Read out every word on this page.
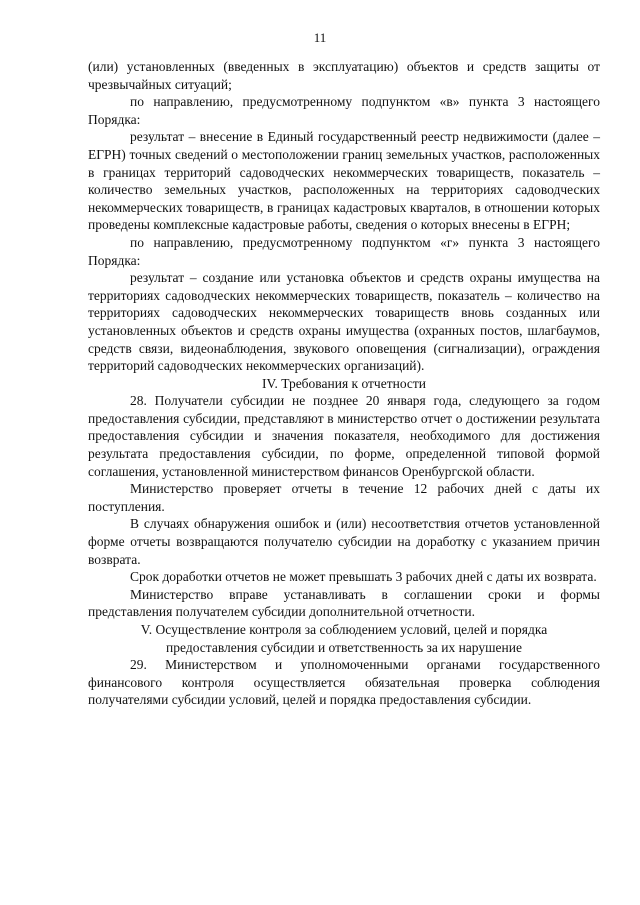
11

(или) установленных (введенных в эксплуатацию) объектов и средств защиты от чрезвычайных ситуаций;

по направлению, предусмотренному подпунктом «в» пункта 3 настоящего Порядка:

результат – внесение в Единый государственный реестр недвижимости (далее – ЕГРН) точных сведений о местоположении границ земельных участков, расположенных в границах территорий садоводческих некоммерческих товариществ, показатель – количество земельных участков, расположенных на территориях садоводческих некоммерческих товариществ, в границах кадастровых кварталов, в отношении которых проведены комплексные кадастровые работы, сведения о которых внесены в ЕГРН;

по направлению, предусмотренному подпунктом «г» пункта 3 настоящего Порядка:

результат – создание или установка объектов и средств охраны имущества на территориях садоводческих некоммерческих товариществ, показатель – количество на территориях садоводческих некоммерческих товариществ вновь созданных или установленных объектов и средств охраны имущества (охранных постов, шлагбаумов, средств связи, видеонаблюдения, звукового оповещения (сигнализации), ограждения территорий садоводческих некоммерческих организаций).

IV. Требования к отчетности

28. Получатели субсидии не позднее 20 января года, следующего за годом предоставления субсидии, представляют в министерство отчет о достижении результата предоставления субсидии и значения показателя, необходимого для достижения результата предоставления субсидии, по форме, определенной типовой формой соглашения, установленной министерством финансов Оренбургской области.

Министерство проверяет отчеты в течение 12 рабочих дней с даты их поступления.

В случаях обнаружения ошибок и (или) несоответствия отчетов установленной форме отчеты возвращаются получателю субсидии на доработку с указанием причин возврата.

Срок доработки отчетов не может превышать 3 рабочих дней с даты их возврата.

Министерство вправе устанавливать в соглашении сроки и формы представления получателем субсидии дополнительной отчетности.

V. Осуществление контроля за соблюдением условий, целей и порядка
предоставления субсидии и ответственность за их нарушение

29. Министерством и уполномоченными органами государственного финансового контроля осуществляется обязательная проверка соблюдения получателями субсидии условий, целей и порядка предоставления субсидии.
